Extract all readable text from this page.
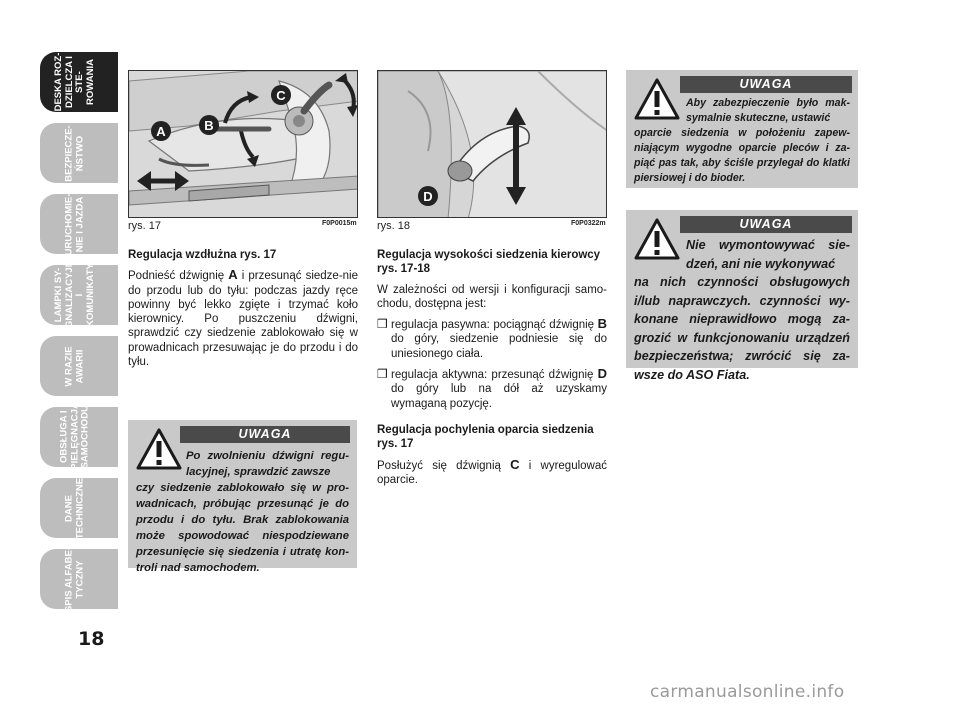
DESKA ROZ-
DZIELCZA I STE-
ROWANIA
BEZPIECZE-
ŃSTWO
URUCHOMIE-
NIE I JAZDA
LAMPKI SY-
GNALIZACYJNE
I KOMUNIKATY
W RAZIE
AWARII
OBSŁUGA I
PIELĘGNACJA
SAMOCHODU
DANE
TECHNICZNE
SPIS ALFABE-
TYCZNY
18
A	B
C
rys. 17	F0P0015m
D
rys. 18	F0P0322m
Regulacja wzdłużna rys. 17

Podnieść dźwignię A i przesunąć siedze-nie do przodu lub do tyłu: podczas jazdy ręce powinny być lekko zgięte i trzymać koło kierownicy. Po puszczeniu dźwigni, sprawdzić czy siedzenie zablokowało się w prowadnicach przesuwając je do przodu i do tyłu.

Regulacja wysokości siedzenia kierowcy rys. 17-18

W zależności od wersji i konfiguracji samo-chodu, dostępna jest:

❒ regulacja pasywna: pociągnąć dźwignię B do góry, siedzenie podniesie się do uniesionego ciała.

❒ regulacja aktywna: przesunąć dźwignię D do góry lub na dół aż uzyskamy wymaganą pozycję.

Regulacja pochylenia oparcia siedzenia rys. 17

Posłużyć się dźwignią C i wyregulować oparcie.

UWAGA
Po zwolnieniu dźwigni regu-lacyjnej, sprawdzić zawsze
czy siedzenie zablokowało się w pro-wadnicach, próbując przesunąć je do przodu i do tyłu. Brak zablokowania może spowodować niespodziewane przesunięcie się siedzenia i utratę kon-troli nad samochodem.
UWAGA
Aby zabezpieczenie było mak-symalnie skuteczne, ustawić
oparcie siedzenia w położeniu zapew-niającym wygodne oparcie pleców i za-piąć pas tak, aby ściśle przylegał do klatki piersiowej i do bioder.
UWAGA
Nie wymontowywać sie-dzeń, ani nie wykonywać
na nich czynności obsługowych i/lub naprawczych. czynności wy-konane nieprawidłowo mogą za-grozić w funkcjonowaniu urządzeń bezpieczeństwa; zwrócić się za-wsze do ASO Fiata.
carmanualsonline.info
